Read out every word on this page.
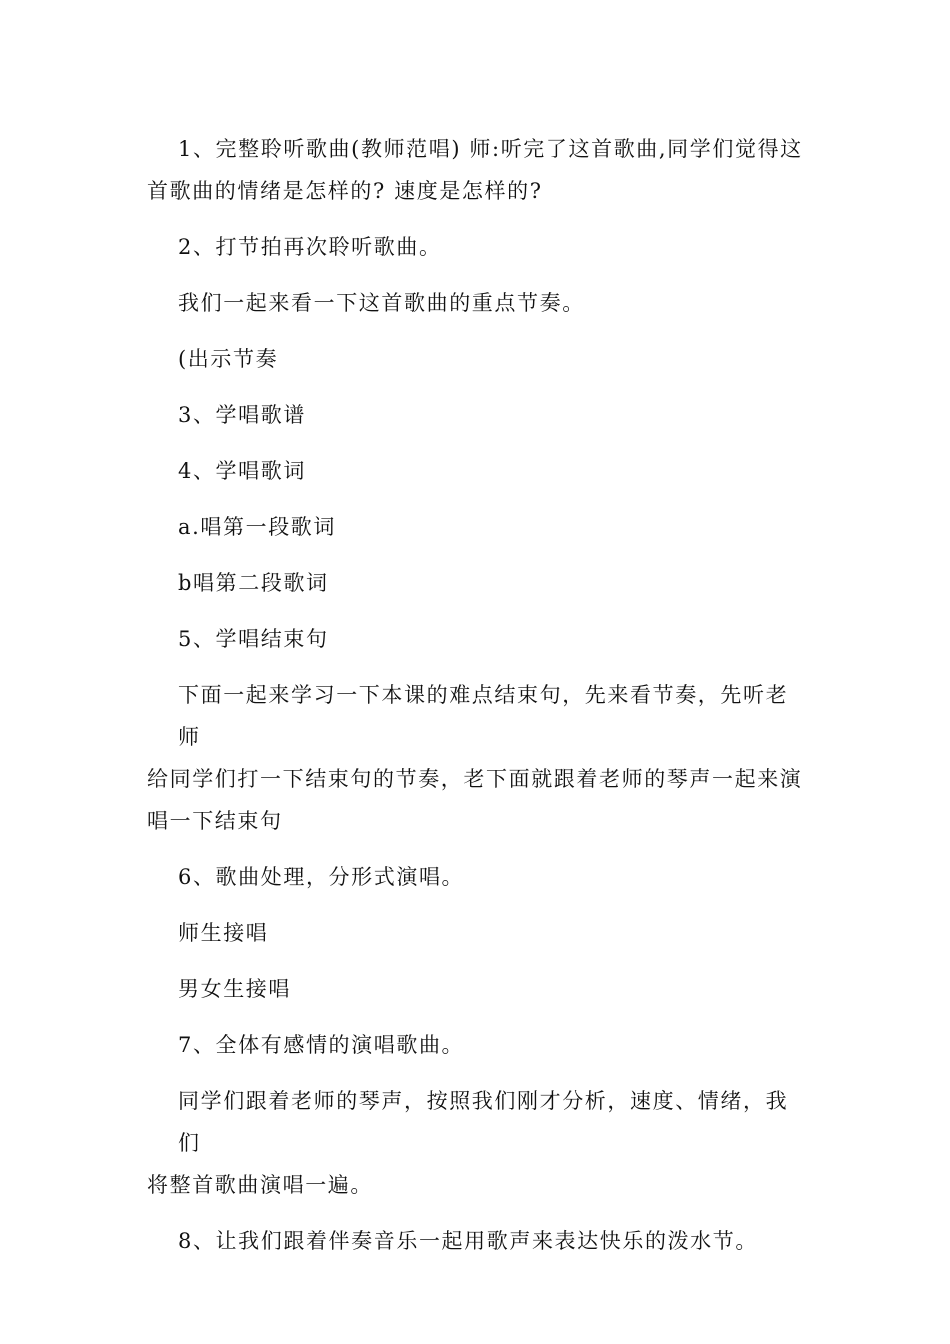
1、完整聆听歌曲(教师范唱) 师:听完了这首歌曲,同学们觉得这
首歌曲的情绪是怎样的? 速度是怎样的?

2、打节拍再次聆听歌曲。

我们一起来看一下这首歌曲的重点节奏。

(出示节奏

3、学唱歌谱

4、学唱歌词

a.唱第一段歌词

b唱第二段歌词

5、学唱结束句

下面一起来学习一下本课的难点结束句，先来看节奏，先听老师
给同学们打一下结束句的节奏，老下面就跟着老师的琴声一起来演
唱一下结束句

6、歌曲处理，分形式演唱。

师生接唱

男女生接唱

7、全体有感情的演唱歌曲。

同学们跟着老师的琴声，按照我们刚才分析，速度、情绪，我们
将整首歌曲演唱一遍。

8、让我们跟着伴奏音乐一起用歌声来表达快乐的泼水节。
